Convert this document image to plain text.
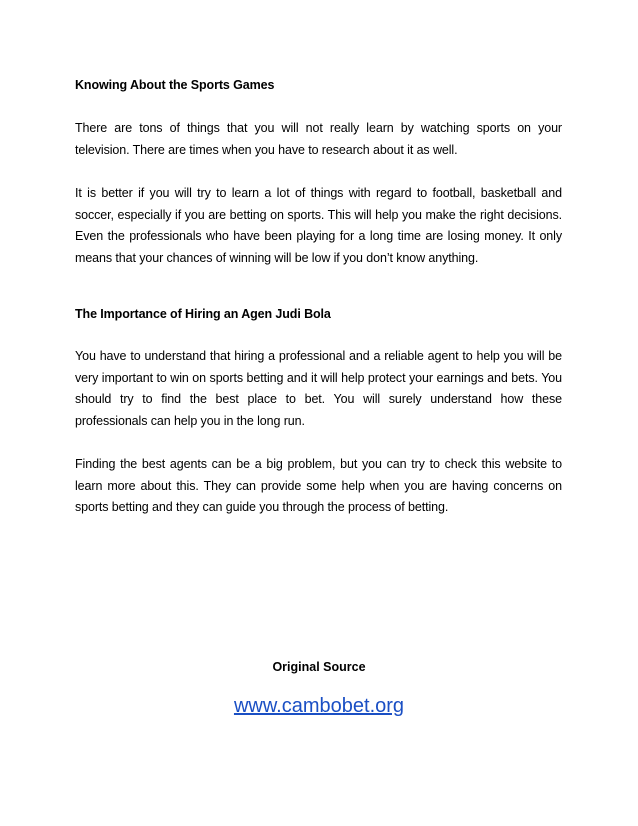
Knowing About the Sports Games

There are tons of things that you will not really learn by watching sports on your television. There are times when you have to research about it as well.

It is better if you will try to learn a lot of things with regard to football, basketball and soccer, especially if you are betting on sports. This will help you make the right decisions. Even the professionals who have been playing for a long time are losing money. It only means that your chances of winning will be low if you don’t know anything.

The Importance of Hiring an Agen Judi Bola

You have to understand that hiring a professional and a reliable agent to help you will be very important to win on sports betting and it will help protect your earnings and bets. You should try to find the best place to bet. You will surely understand how these professionals can help you in the long run.

Finding the best agents can be a big problem, but you can try to check this website to learn more about this. They can provide some help when you are having concerns on sports betting and they can guide you through the process of betting.

Original Source
www.cambobet.org
